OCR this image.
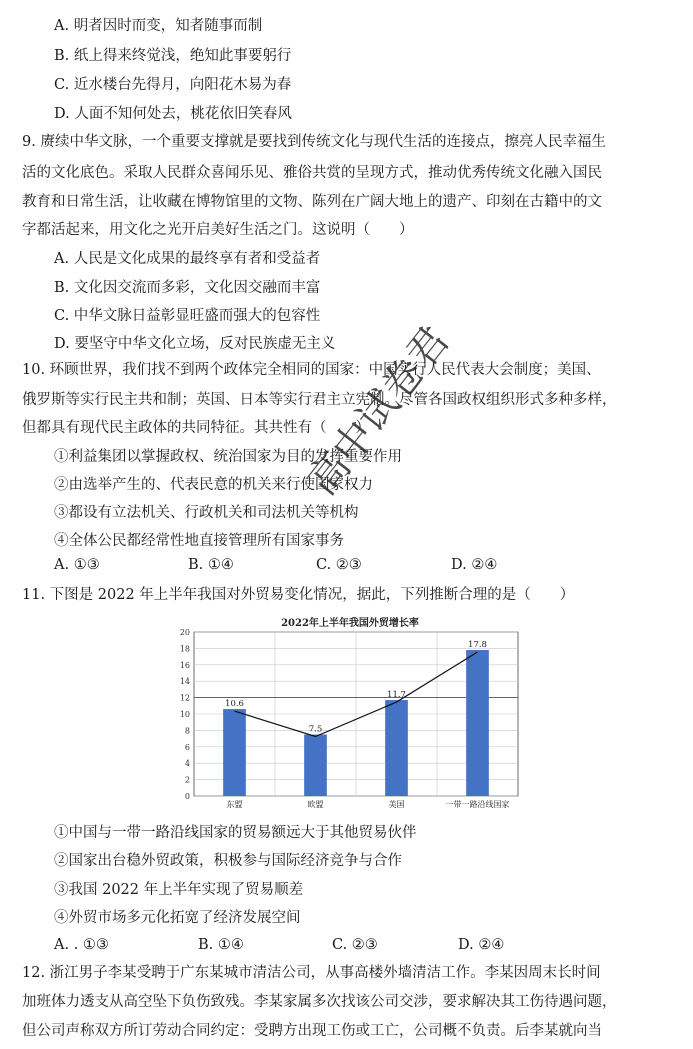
A. 明者因时而变，知者随事而制
B. 纸上得来终觉浅，绝知此事要躬行
C. 近水楼台先得月，向阳花木易为春
D. 人面不知何处去，桃花依旧笑春风
9. 赓续中华文脉，一个重要支撑就是要找到传统文化与现代生活的连接点，擦亮人民幸福生
活的文化底色。采取人民群众喜闻乐见、雅俗共赏的呈现方式，推动优秀传统文化融入国民
教育和日常生活，让收藏在博物馆里的文物、陈列在广阔大地上的遗产、印刻在古籍中的文
字都活起来，用文化之光开启美好生活之门。这说明（　　）
A. 人民是文化成果的最终享有者和受益者
B. 文化因交流而多彩，文化因交融而丰富
C. 中华文脉日益彰显旺盛而强大的包容性
D. 要坚守中华文化立场，反对民族虚无主义
10. 环顾世界，我们找不到两个政体完全相同的国家：中国实行人民代表大会制度；美国、
俄罗斯等实行民主共和制；英国、日本等实行君主立宪制。尽管各国政权组织形式多种多样，
但都具有现代民主政体的共同特征。其共性有（　　）
①利益集团以掌握政权、统治国家为目的发挥重要作用
②由选举产生的、代表民意的机关来行使国家权力
③都设有立法机关、行政机关和司法机关等机构
④全体公民都经常性地直接管理所有国家事务
A. ①③	B. ①④	C. ②③	D. ②④
11. 下图是 2022 年上半年我国对外贸易变化情况，据此，下列推断合理的是（　　）
2022年上半年我国外贸增长率
0
2
4
6
8
10
12
14
16
18
20
东盟	欧盟	美国	一带一路沿线国家
10.6
7.5
11.7
17.8
①中国与一带一路沿线国家的贸易额远大于其他贸易伙伴
②国家出台稳外贸政策，积极参与国际经济竞争与合作
③我国 2022 年上半年实现了贸易顺差
④外贸市场多元化拓宽了经济发展空间
A. . ①③	B. ①④	C. ②③	D. ②④
12. 浙江男子李某受聘于广东某城市清洁公司，从事高楼外墙清洁工作。李某因周末长时间
加班体力透支从高空坠下负伤致残。李某家属多次找该公司交涉，要求解决其工伤待遇问题，
但公司声称双方所订劳动合同约定：受聘方出现工伤或工亡，公司概不负责。后李某就向当
高中试卷君
